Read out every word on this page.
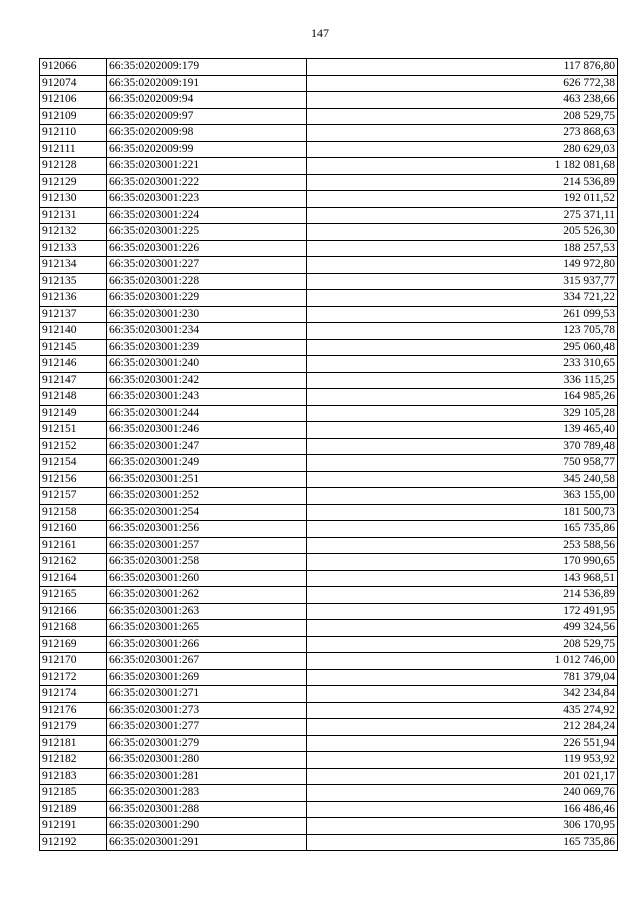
147
912066	66:35:0202009:179	117 876,80
912074	66:35:0202009:191	626 772,38
912106	66:35:0202009:94	463 238,66
912109	66:35:0202009:97	208 529,75
912110	66:35:0202009:98	273 868,63
912111	66:35:0202009:99	280 629,03
912128	66:35:0203001:221	1 182 081,68
912129	66:35:0203001:222	214 536,89
912130	66:35:0203001:223	192 011,52
912131	66:35:0203001:224	275 371,11
912132	66:35:0203001:225	205 526,30
912133	66:35:0203001:226	188 257,53
912134	66:35:0203001:227	149 972,80
912135	66:35:0203001:228	315 937,77
912136	66:35:0203001:229	334 721,22
912137	66:35:0203001:230	261 099,53
912140	66:35:0203001:234	123 705,78
912145	66:35:0203001:239	295 060,48
912146	66:35:0203001:240	233 310,65
912147	66:35:0203001:242	336 115,25
912148	66:35:0203001:243	164 985,26
912149	66:35:0203001:244	329 105,28
912151	66:35:0203001:246	139 465,40
912152	66:35:0203001:247	370 789,48
912154	66:35:0203001:249	750 958,77
912156	66:35:0203001:251	345 240,58
912157	66:35:0203001:252	363 155,00
912158	66:35:0203001:254	181 500,73
912160	66:35:0203001:256	165 735,86
912161	66:35:0203001:257	253 588,56
912162	66:35:0203001:258	170 990,65
912164	66:35:0203001:260	143 968,51
912165	66:35:0203001:262	214 536,89
912166	66:35:0203001:263	172 491,95
912168	66:35:0203001:265	499 324,56
912169	66:35:0203001:266	208 529,75
912170	66:35:0203001:267	1 012 746,00
912172	66:35:0203001:269	781 379,04
912174	66:35:0203001:271	342 234,84
912176	66:35:0203001:273	435 274,92
912179	66:35:0203001:277	212 284,24
912181	66:35:0203001:279	226 551,94
912182	66:35:0203001:280	119 953,92
912183	66:35:0203001:281	201 021,17
912185	66:35:0203001:283	240 069,76
912189	66:35:0203001:288	166 486,46
912191	66:35:0203001:290	306 170,95
912192	66:35:0203001:291	165 735,86
